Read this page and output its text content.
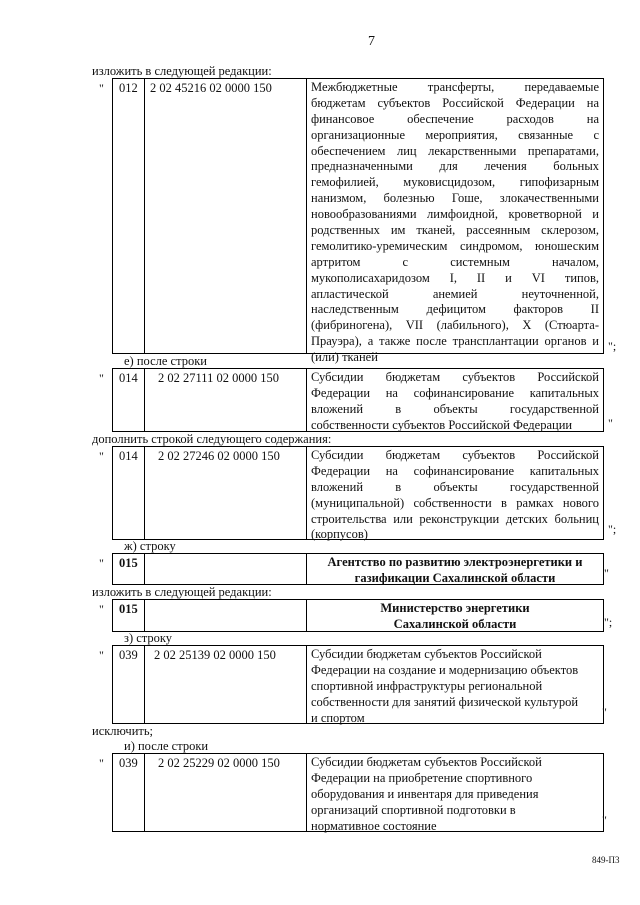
7
изложить в следующей редакции:
" 012 2 02 45216 02 0000 150	Межбюджетные трансферты, передаваемые
бюджетам субъектов Российской Федерации на
финансовое обеспечение расходов на
организационные мероприятия, связанные с
обеспечением лиц лекарственными препаратами,
предназначенными для лечения больных
гемофилией, муковисцидозом, гипофизарным
нанизмом, болезнью Гоше, злокачественными
новообразованиями лимфоидной, кроветворной и
родственных им тканей, рассеянным склерозом,
гемолитико-уремическим синдромом, юношеским
артритом с системным началом,
мукополисахаридозом I, II и VI типов,
апластической анемией неуточненной,
наследственным дефицитом факторов II
(фибриногена), VII (лабильного), X (Стюарта-
Прауэра), а также после трансплантации органов и
(или) тканей
";
е) после строки
" 014 2 02 27111 02 0000 150	Субсидии бюджетам субъектов Российской
Федерации на софинансирование капитальных
вложений в объекты государственной
собственности субъектов Российской Федерации	"
дополнить строкой следующего содержания:
" 014 2 02 27246 02 0000 150 Субсидии бюджетам субъектов Российской
Федерации на софинансирование капитальных
вложений в объекты государственной
(муниципальной) собственности в рамках нового
строительства или реконструкции детских больниц
(корпусов)	";
ж) строку
" 015	Агентство по развитию электроэнергетики и
газификации Сахалинской области	"
изложить в следующей редакции:
" 015	Министерство энергетики
Сахалинской области	";
з) строку
" 039 2 02 25139 02 0000 150	Субсидии бюджетам субъектов Российской
Федерации на создание и модернизацию объектов
спортивной инфраструктуры региональной
собственности для занятий физической культурой
и спортом	"
исключить;
и) после строки
" 039 2 02 25229 02 0000 150 Субсидии бюджетам субъектов Российской
Федерации на приобретение спортивного
оборудования и инвентаря для приведения
организаций спортивной подготовки в
нормативное состояние	"
849-П3
